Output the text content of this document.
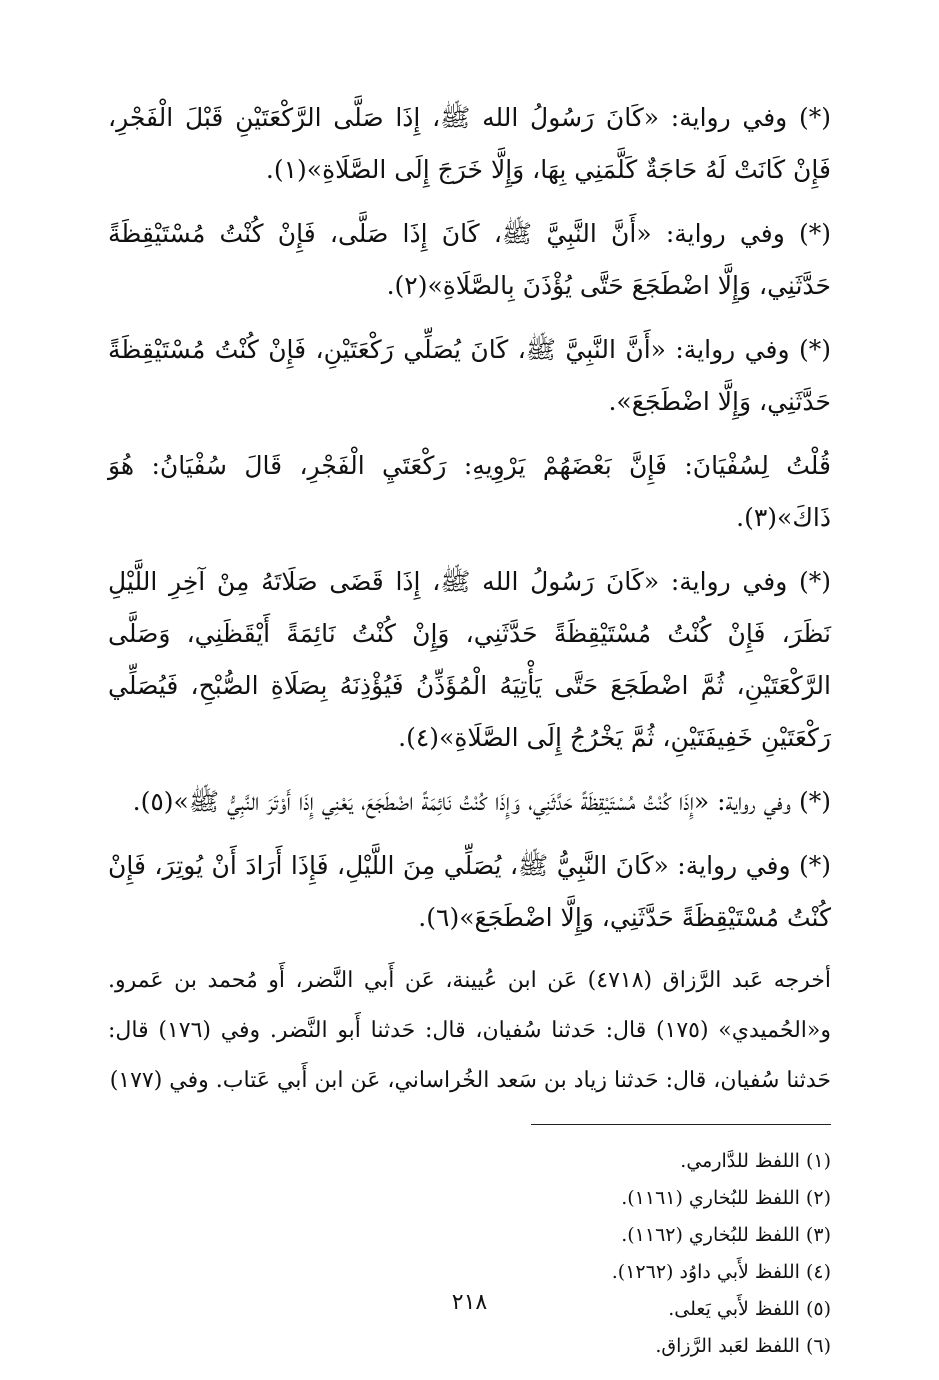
(*) وفي رواية: «كَانَ رَسُولُ الله ﷺ، إِذَا صَلَّى الرَّكْعَتَيْنِ قَبْلَ الْفَجْرِ، فَإِنْ كَانَتْ لَهُ حَاجَةٌ كَلَّمَنِي بِهَا، وَإِلَّا خَرَجَ إِلَى الصَّلَاةِ»(١).

(*) وفي رواية: «أَنَّ النَّبِيَّ ﷺ، كَانَ إِذَا صَلَّى، فَإِنْ كُنْتُ مُسْتَيْقِظَةً حَدَّثَنِي، وَإِلَّا اضْطَجَعَ حَتَّى يُؤْذَنَ بِالصَّلَاةِ»(٢).

(*) وفي رواية: «أَنَّ النَّبِيَّ ﷺ، كَانَ يُصَلِّي رَكْعَتَيْنِ، فَإِنْ كُنْتُ مُسْتَيْقِظَةً حَدَّثَنِي، وَإِلَّا اضْطَجَعَ».

قُلْتُ لِسُفْيَانَ: فَإِنَّ بَعْضَهُمْ يَرْوِيهِ: رَكْعَتَيِ الْفَجْرِ، قَالَ سُفْيَانُ: هُوَ ذَاكَ»(٣).

(*) وفي رواية: «كَانَ رَسُولُ الله ﷺ، إِذَا قَضَى صَلَاتَهُ مِنْ آخِرِ اللَّيْلِ نَظَرَ، فَإِنْ كُنْتُ مُسْتَيْقِظَةً حَدَّثَنِي، وَإِنْ كُنْتُ نَائِمَةً أَيْقَظَنِي، وَصَلَّى الرَّكْعَتَيْنِ، ثُمَّ اضْطَجَعَ حَتَّى يَأْتِيَهُ الْمُؤَذِّنُ فَيُؤْذِنَهُ بِصَلَاةِ الصُّبْحِ، فَيُصَلِّي رَكْعَتَيْنِ خَفِيفَتَيْنِ، ثُمَّ يَخْرُجُ إِلَى الصَّلَاةِ»(٤).

(*) وفي رواية: «إِذَا كُنْتُ مُسْتَيْقِظَةً حَدَّثَنِي، وَإِذَا كُنْتُ نَائِمَةً اضْطَجَعَ، يَعْنِي إِذَا أَوْتَرَ النَّبِيُّ ﷺ»(٥).

(*) وفي رواية: «كَانَ النَّبِيُّ ﷺ، يُصَلِّي مِنَ اللَّيْلِ، فَإِذَا أَرَادَ أَنْ يُوتِرَ، فَإِنْ كُنْتُ مُسْتَيْقِظَةً حَدَّثَنِي، وَإِلَّا اضْطَجَعَ»(٦).

أخرجه عَبد الرَّزاق (٤٧١٨) عَن ابن عُيينة، عَن أَبي النَّضر، أَو مُحمد بن عَمرو. و«الحُميدي» (١٧٥) قال: حَدثنا سُفيان، قال: حَدثنا أَبو النَّضر. وفي (١٧٦) قال: حَدثنا سُفيان، قال: حَدثنا زياد بن سَعد الخُراساني، عَن ابن أَبي عَتاب. وفي (١٧٧)

(١) اللفظ للدَّارمي.

(٢) اللفظ للبُخاري (١١٦١).

(٣) اللفظ للبُخاري (١١٦٢).

(٤) اللفظ لأَبي داوُد (١٢٦٢).

(٥) اللفظ لأَبي يَعلى.

(٦) اللفظ لعَبد الرَّزاق.

٢١٨
